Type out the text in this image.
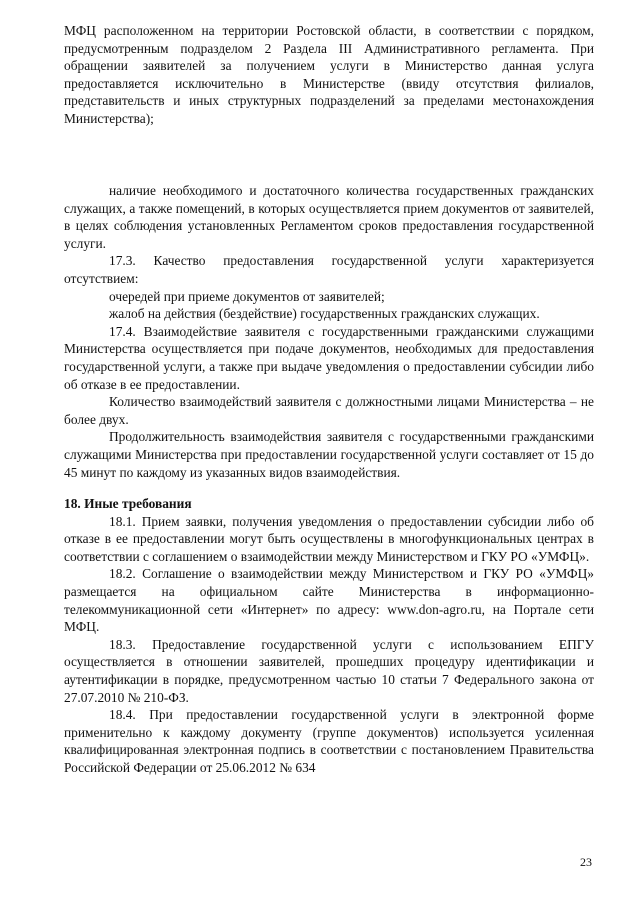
МФЦ расположенном на территории Ростовской области, в соответствии с порядком, предусмотренным подразделом 2 Раздела III Административного регламента. При обращении заявителей за получением услуги в Министерство данная услуга предоставляется исключительно в Министерстве (ввиду отсутствия филиалов, представительств и иных структурных подразделений за пределами местонахождения Министерства);

наличие необходимого и достаточного количества государственных гражданских служащих, а также помещений, в которых осуществляется прием документов от заявителей, в целях соблюдения установленных Регламентом сроков предоставления государственной услуги.

17.3. Качество предоставления государственной услуги характеризуется отсутствием:

очередей при приеме документов от заявителей;

жалоб на действия (бездействие) государственных гражданских служащих.

17.4. Взаимодействие заявителя с государственными гражданскими служащими Министерства осуществляется при подаче документов, необходимых для предоставления государственной услуги, а также при выдаче уведомления о предоставлении субсидии либо об отказе в ее предоставлении.

Количество взаимодействий заявителя с должностными лицами Министерства – не более двух.

Продолжительность взаимодействия заявителя с государственными гражданскими служащими Министерства при предоставлении государственной услуги составляет от 15 до 45 минут по каждому из указанных видов взаимодействия.

18. Иные требования

18.1. Прием заявки, получения уведомления о предоставлении субсидии либо об отказе в ее предоставлении могут быть осуществлены в многофункциональных центрах в соответствии с соглашением о взаимодействии между Министерством и ГКУ РО «УМФЦ».

18.2. Соглашение о взаимодействии между Министерством и ГКУ РО «УМФЦ» размещается на официальном сайте Министерства в информационно-телекоммуникационной сети «Интернет» по адресу: www.don-agro.ru, на Портале сети МФЦ.

18.3. Предоставление государственной услуги с использованием ЕПГУ осуществляется в отношении заявителей, прошедших процедуру идентификации и аутентификации в порядке, предусмотренном частью 10 статьи 7 Федерального закона от 27.07.2010 № 210-ФЗ.

18.4. При предоставлении государственной услуги в электронной форме применительно к каждому документу (группе документов) используется усиленная квалифицированная электронная подпись в соответствии с постановлением Правительства Российской Федерации от 25.06.2012 № 634

23
